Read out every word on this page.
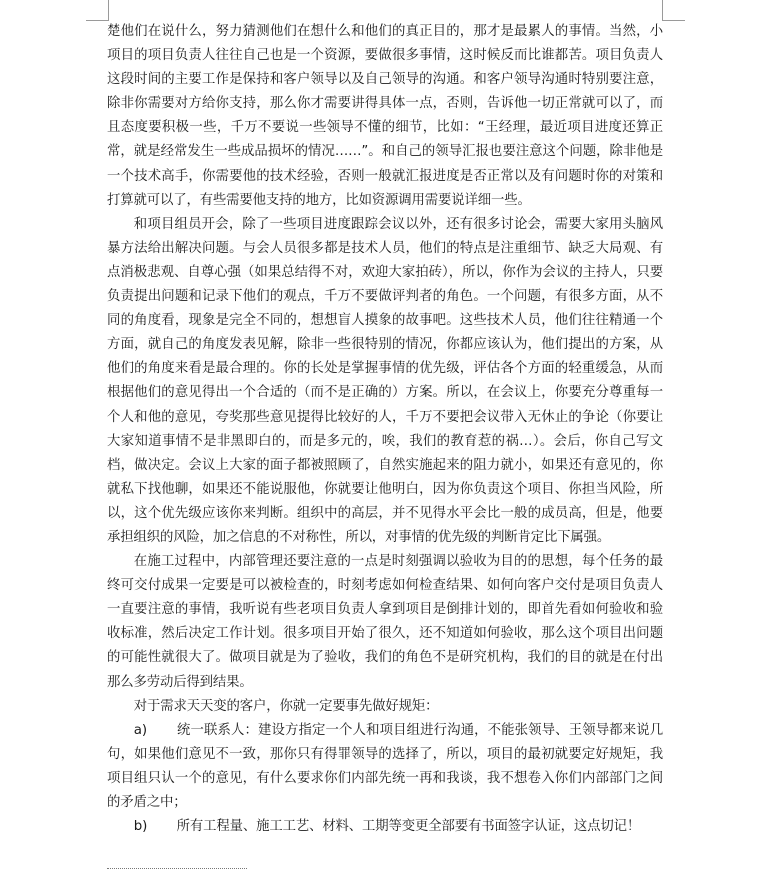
楚他们在说什么，努力猜测他们在想什么和他们的真正目的，那才是最累人的事情。当然，小项目的项目负责人往往自己也是一个资源，要做很多事情，这时候反而比谁都苦。项目负责人这段时间的主要工作是保持和客户领导以及自己领导的沟通。和客户领导沟通时特别要注意，除非你需要对方给你支持，那么你才需要讲得具体一点，否则，告诉他一切正常就可以了，而且态度要积极一些，千万不要说一些领导不懂的细节，比如：“王经理，最近项目进度还算正常，就是经常发生一些成品损坏的情况……”。和自己的领导汇报也要注意这个问题，除非他是一个技术高手，你需要他的技术经验，否则一般就汇报进度是否正常以及有问题时你的对策和打算就可以了，有些需要他支持的地方，比如资源调用需要说详细一些。

和项目组员开会，除了一些项目进度跟踪会议以外，还有很多讨论会，需要大家用头脑风暴方法给出解决问题。与会人员很多都是技术人员，他们的特点是注重细节、缺乏大局观、有点消极悲观、自尊心强（如果总结得不对，欢迎大家拍砖），所以，你作为会议的主持人，只要负责提出问题和记录下他们的观点，千万不要做评判者的角色。一个问题，有很多方面，从不同的角度看，现象是完全不同的，想想盲人摸象的故事吧。这些技术人员，他们往往精通一个方面，就自己的角度发表见解，除非一些很特别的情况，你都应该认为，他们提出的方案，从他们的角度来看是最合理的。你的长处是掌握事情的优先级，评估各个方面的轻重缓急，从而根据他们的意见得出一个合适的（而不是正确的）方案。所以，在会议上，你要充分尊重每一个人和他的意见，夸奖那些意见提得比较好的人，千万不要把会议带入无休止的争论（你要让大家知道事情不是非黑即白的，而是多元的，唉，我们的教育惹的祸…）。会后，你自己写文档，做决定。会议上大家的面子都被照顾了，自然实施起来的阻力就小，如果还有意见的，你就私下找他聊，如果还不能说服他，你就要让他明白，因为你负责这个项目、你担当风险，所以，这个优先级应该你来判断。组织中的高层，并不见得水平会比一般的成员高，但是，他要承担组织的风险，加之信息的不对称性，所以，对事情的优先级的判断肯定比下属强。

在施工过程中，内部管理还要注意的一点是时刻强调以验收为目的的思想，每个任务的最终可交付成果一定要是可以被检查的，时刻考虑如何检查结果、如何向客户交付是项目负责人一直要注意的事情，我听说有些老项目负责人拿到项目是倒排计划的，即首先看如何验收和验收标准，然后决定工作计划。很多项目开始了很久，还不知道如何验收，那么这个项目出问题的可能性就很大了。做项目就是为了验收，我们的角色不是研究机构，我们的目的就是在付出那么多劳动后得到结果。

对于需求天天变的客户，你就一定要事先做好规矩：

a) 统一联系人：建设方指定一个人和项目组进行沟通，不能张领导、王领导都来说几句，如果他们意见不一致，那你只有得罪领导的选择了，所以，项目的最初就要定好规矩，我项目组只认一个的意见，有什么要求你们内部先统一再和我谈，我不想卷入你们内部部门之间的矛盾之中；

b) 所有工程量、施工工艺、材料、工期等变更全部要有书面签字认证，这点切记！
